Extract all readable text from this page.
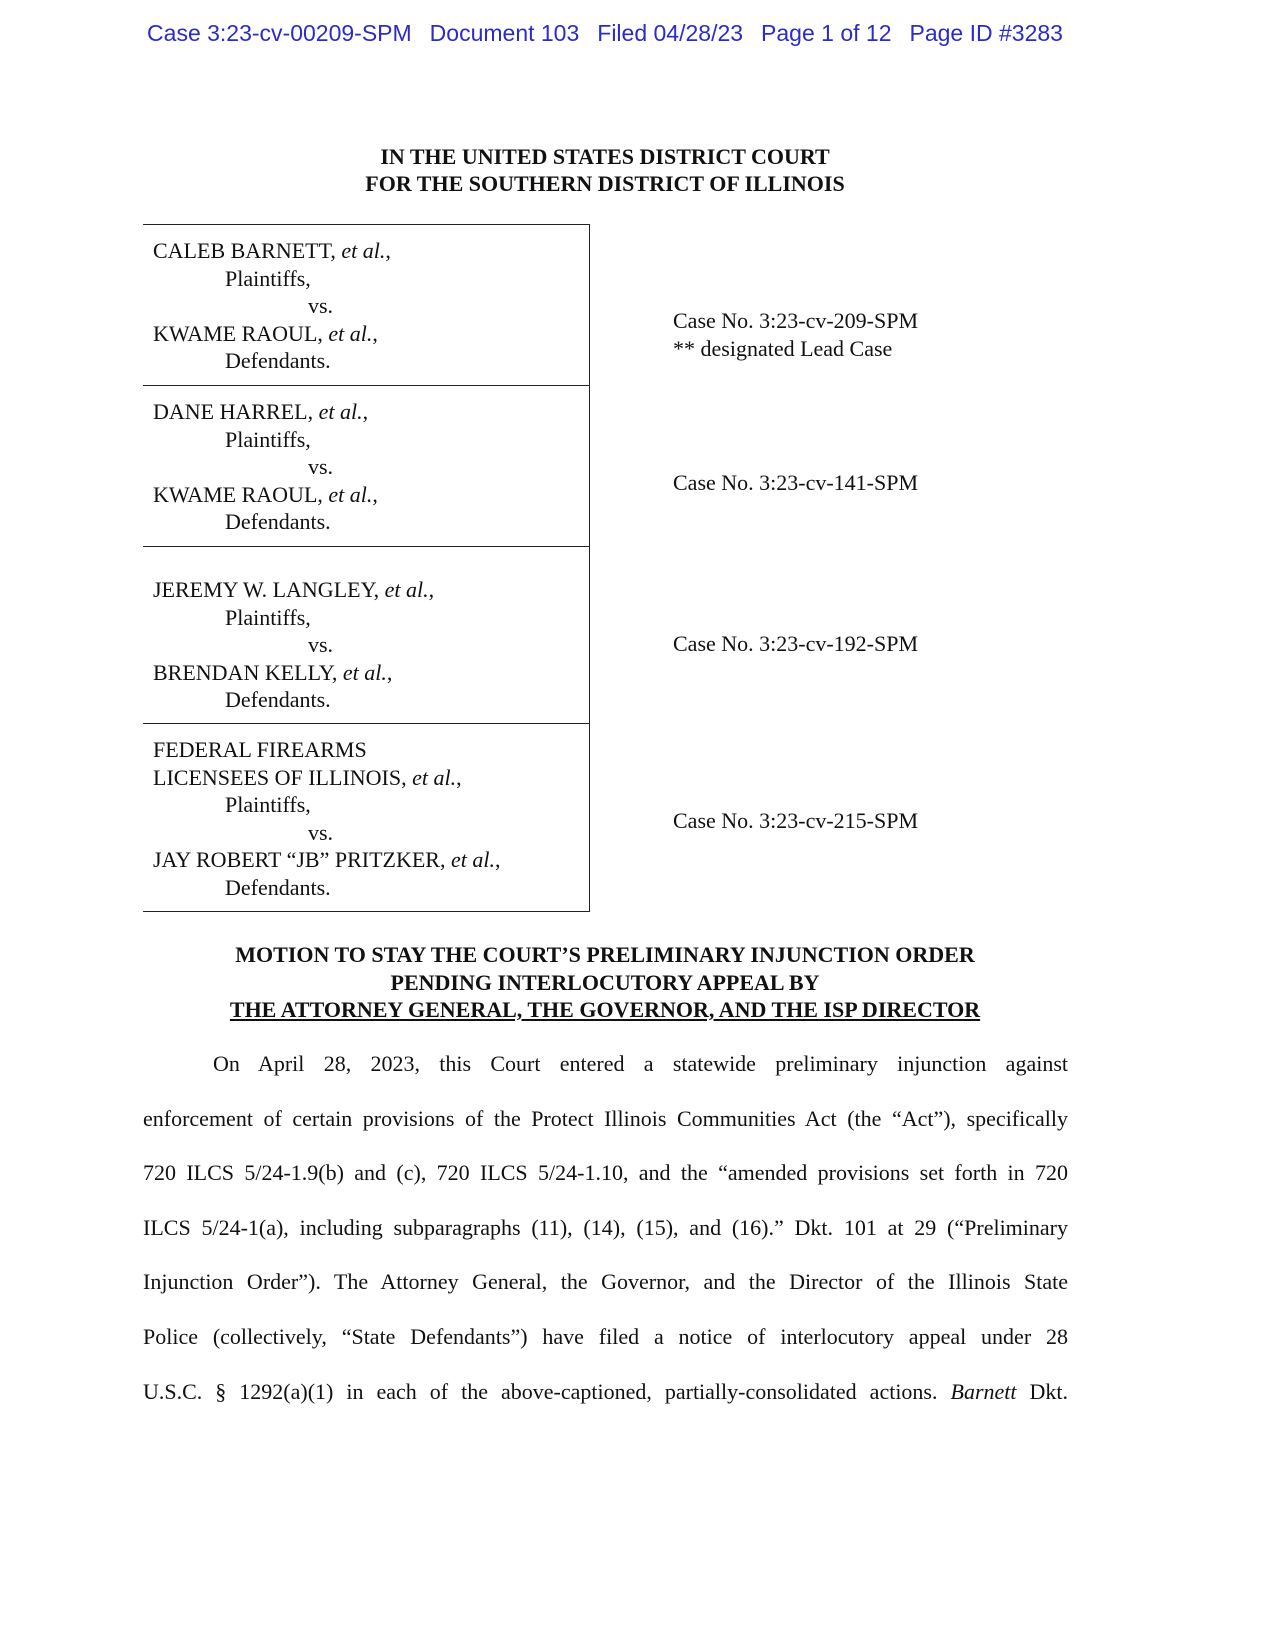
Case 3:23-cv-00209-SPM Document 103 Filed 04/28/23 Page 1 of 12 Page ID #3283
IN THE UNITED STATES DISTRICT COURT
FOR THE SOUTHERN DISTRICT OF ILLINOIS
CALEB BARNETT, et al.,
Plaintiffs,
vs.
KWAME RAOUL, et al.,
Defendants.
Case No. 3:23-cv-209-SPM
** designated Lead Case
DANE HARREL, et al.,
Plaintiffs,
vs.
KWAME RAOUL, et al.,
Defendants.
Case No. 3:23-cv-141-SPM
JEREMY W. LANGLEY, et al.,
Plaintiffs,
vs.
BRENDAN KELLY, et al.,
Defendants.
Case No. 3:23-cv-192-SPM
FEDERAL FIREARMS
LICENSEES OF ILLINOIS, et al.,
Plaintiffs,
vs.
JAY ROBERT “JB” PRITZKER, et al.,
Defendants.
Case No. 3:23-cv-215-SPM
MOTION TO STAY THE COURT’S PRELIMINARY INJUNCTION ORDER
PENDING INTERLOCUTORY APPEAL BY
THE ATTORNEY GENERAL, THE GOVERNOR, AND THE ISP DIRECTOR
On April 28, 2023, this Court entered a statewide preliminary injunction against
enforcement of certain provisions of the Protect Illinois Communities Act (the “Act”), specifically
720 ILCS 5/24-1.9(b) and (c), 720 ILCS 5/24-1.10, and the “amended provisions set forth in 720
ILCS 5/24-1(a), including subparagraphs (11), (14), (15), and (16).” Dkt. 101 at 29 (“Preliminary
Injunction Order”). The Attorney General, the Governor, and the Director of the Illinois State
Police (collectively, “State Defendants”) have filed a notice of interlocutory appeal under 28
U.S.C. § 1292(a)(1) in each of the above-captioned, partially-consolidated actions. Barnett Dkt.
